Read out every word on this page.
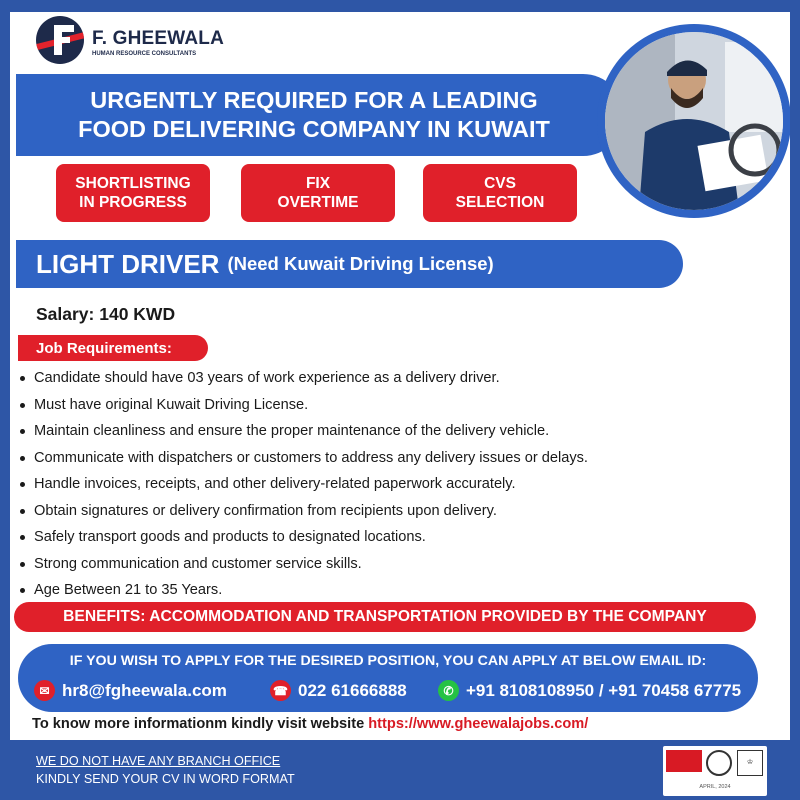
F. GHEEWALA
HUMAN RESOURCE CONSULTANTS
URGENTLY REQUIRED FOR A LEADING
FOOD DELIVERING COMPANY IN KUWAIT
SHORTLISTING
IN PROGRESS
FIX
OVERTIME
CVS
SELECTION
LIGHT DRIVER (Need Kuwait Driving License)
Salary: 140 KWD
Job Requirements:
Candidate should have 03 years of work experience as a delivery driver.
Must have original Kuwait Driving License.
Maintain cleanliness and ensure the proper maintenance of the delivery vehicle.
Communicate with dispatchers or customers to address any delivery issues or delays.
Handle invoices, receipts, and other delivery-related paperwork accurately.
Obtain signatures or delivery confirmation from recipients upon delivery.
Safely transport goods and products to designated locations.
Strong communication and customer service skills.
Age Between 21 to 35 Years.
BENEFITS: ACCOMMODATION AND TRANSPORTATION PROVIDED BY THE COMPANY
IF YOU WISH TO APPLY FOR THE DESIRED POSITION, YOU CAN APPLY AT BELOW EMAIL ID:
✉ hr8@fgheewala.com	☎ 022 61666888	✆ +91 8108108950 / +91 70458 67775
To know more informationm kindly visit website https://www.gheewalajobs.com/
WE DO NOT HAVE ANY BRANCH OFFICE
KINDLY SEND YOUR CV IN WORD FORMAT
♔
APRIL, 2024
